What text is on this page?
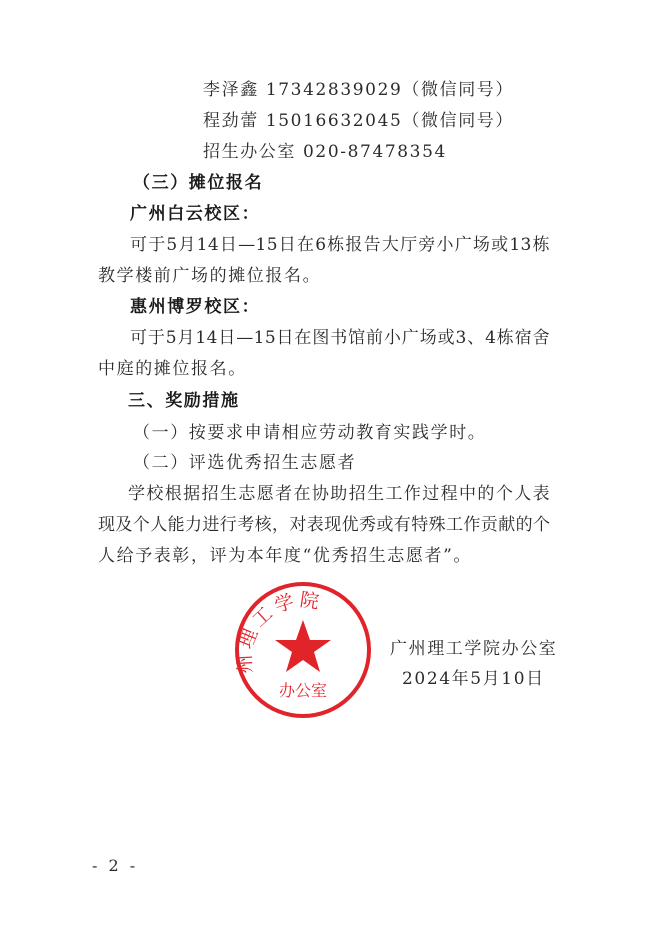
李泽鑫 17342839029（微信同号）
程劲蕾 15016632045（微信同号）
招生办公室 020-87478354
（三）摊位报名
广州白云校区：
可于5月14日—15日在6栋报告大厅旁小广场或13栋
教学楼前广场的摊位报名。
惠州博罗校区：
可于5月14日—15日在图书馆前小广场或3、4栋宿舍
中庭的摊位报名。
三、奖励措施
（一）按要求申请相应劳动教育实践学时。
（二）评选优秀招生志愿者
学校根据招生志愿者在协助招生工作过程中的个人表
现及个人能力进行考核，对表现优秀或有特殊工作贡献的个
人给予表彰，评为本年度“优秀招生志愿者”。
州理工学院
办公室
广州理工学院办公室
2024年5月10日
- 2 -
